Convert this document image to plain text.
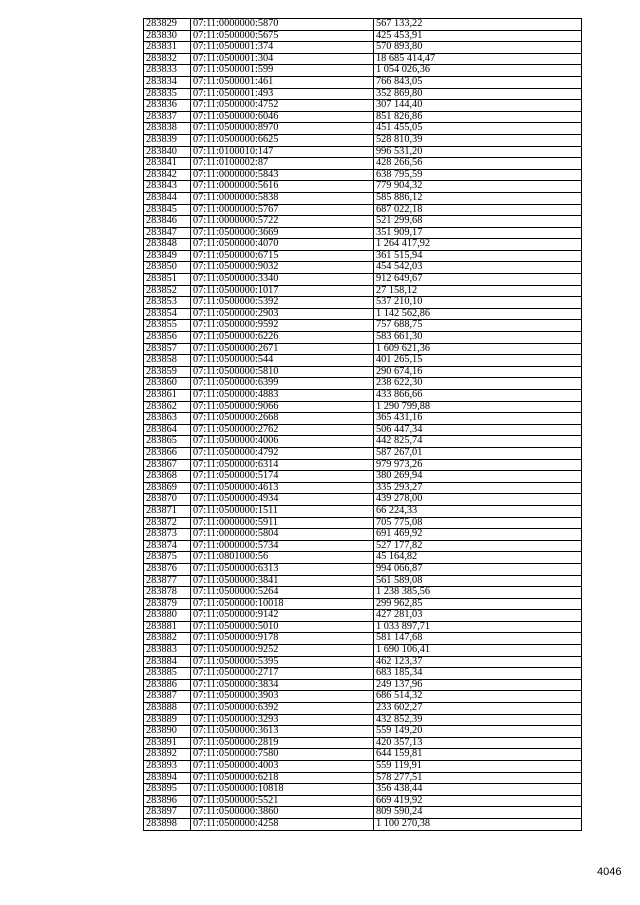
283829	07:11:0000000:5870	567 133,22
283830	07:11:0500000:5675	425 453,91
283831	07:11:0500001:374	570 893,80
283832	07:11:0500001:304	18 685 414,47
283833	07:11:0500001:599	1 054 026,36
283834	07:11:0500001:461	766 843,05
283835	07:11:0500001:493	352 869,80
283836	07:11:0500000:4752	307 144,40
283837	07:11:0500000:6046	851 826,86
283838	07:11:0500000:8970	451 455,05
283839	07:11:0500000:6625	528 810,39
283840	07:11:0100010:147	996 531,20
283841	07:11:0100002:87	428 266,56
283842	07:11:0000000:5843	638 795,59
283843	07:11:0000000:5616	779 904,32
283844	07:11:0000000:5838	585 886,12
283845	07:11:0000000:5767	687 022,18
283846	07:11:0000000:5722	521 299,68
283847	07:11:0500000:3669	351 909,17
283848	07:11:0500000:4070	1 264 417,92
283849	07:11:0500000:6715	361 515,94
283850	07:11:0500000:9032	454 542,03
283851	07:11:0500000:3340	912 649,67
283852	07:11:0500000:1017	27 158,12
283853	07:11:0500000:5392	537 210,10
283854	07:11:0500000:2903	1 142 562,86
283855	07:11:0500000:9592	757 688,75
283856	07:11:0500000:6226	583 661,30
283857	07:11:0500000:2671	1 609 621,36
283858	07:11:0500000:544	401 265,15
283859	07:11:0500000:5810	290 674,16
283860	07:11:0500000:6399	238 622,30
283861	07:11:0500000:4883	433 866,66
283862	07:11:0500000:9066	1 290 799,88
283863	07:11:0500000:2668	365 431,16
283864	07:11:0500000:2762	506 447,34
283865	07:11:0500000:4006	442 825,74
283866	07:11:0500000:4792	587 267,01
283867	07:11:0500000:6314	979 973,26
283868	07:11:0500000:5174	380 269,94
283869	07:11:0500000:4613	335 293,27
283870	07:11:0500000:4934	439 278,00
283871	07:11:0500000:1511	66 224,33
283872	07:11:0000000:5911	705 775,08
283873	07:11:0000000:5804	691 469,92
283874	07:11:0000000:5734	527 177,82
283875	07:11:0801000:56	45 164,82
283876	07:11:0500000:6313	994 066,87
283877	07:11:0500000:3841	561 589,08
283878	07:11:0500000:5264	1 238 385,56
283879	07:11:0500000:10018	299 962,85
283880	07:11:0500000:9142	427 281,03
283881	07:11:0500000:5010	1 033 897,71
283882	07:11:0500000:9178	581 147,68
283883	07:11:0500000:9252	1 690 106,41
283884	07:11:0500000:5395	462 123,37
283885	07:11:0500000:2717	683 185,34
283886	07:11:0500000:3834	249 137,96
283887	07:11:0500000:3903	686 514,32
283888	07:11:0500000:6392	233 602,27
283889	07:11:0500000:3293	432 852,39
283890	07:11:0500000:3613	559 149,20
283891	07:11:0500000:2819	420 357,13
283892	07:11:0500000:7580	644 159,81
283893	07:11:0500000:4003	559 119,91
283894	07:11:0500000:6218	578 277,51
283895	07:11:0500000:10818	356 438,44
283896	07:11:0500000:5521	669 419,92
283897	07:11:0500000:3860	809 590,24
283898	07:11:0500000:4258	1 100 270,38
4046
